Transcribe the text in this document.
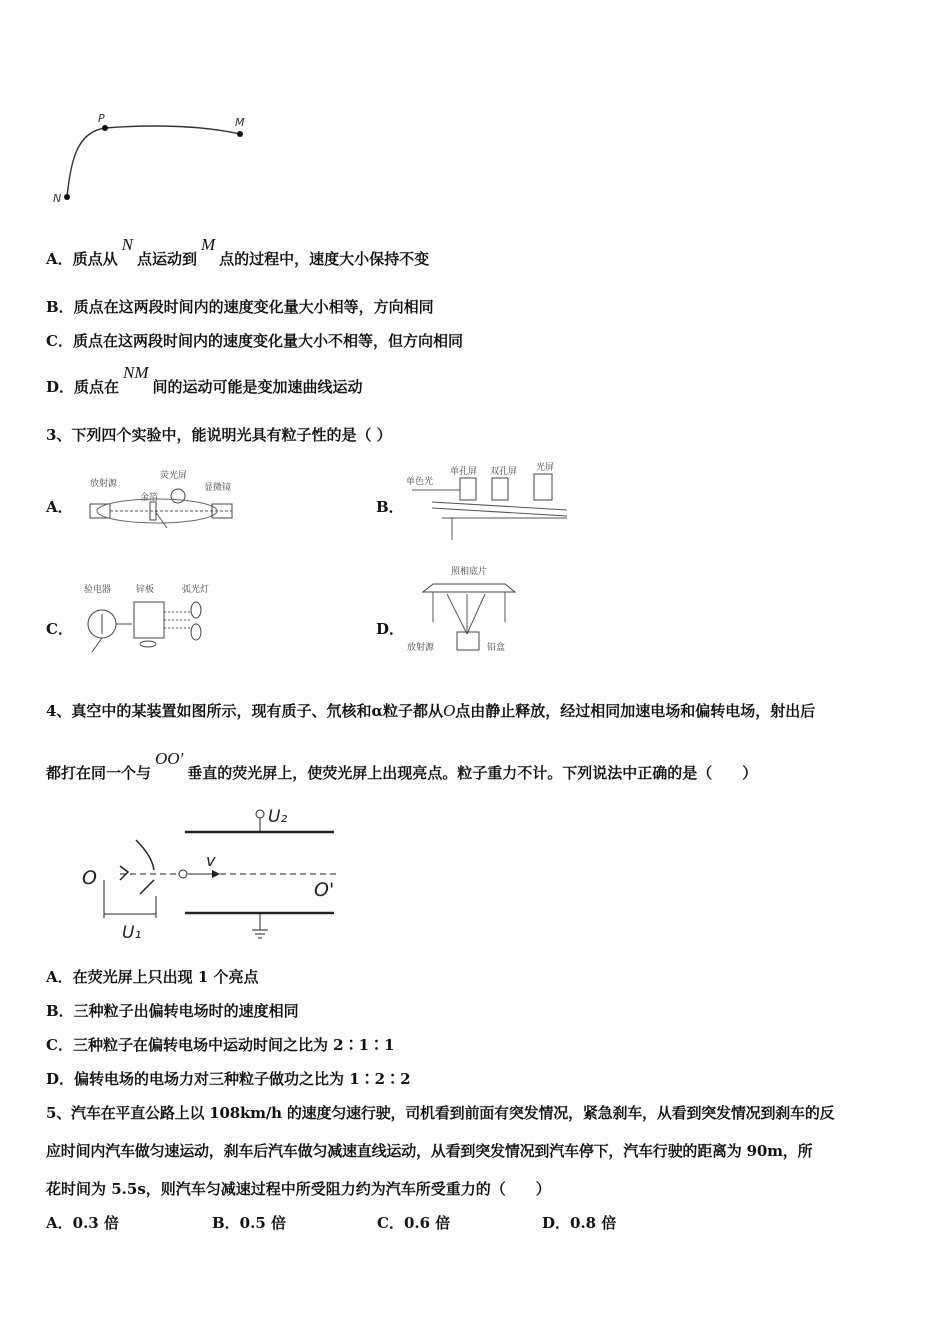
P	M
N
A．质点从N点运动到M点的过程中，速度大小保持不变
B．质点在这两段时间内的速度变化量大小相等，方向相同
C．质点在这两段时间内的速度变化量大小不相等，但方向相同
D．质点在NM间的运动可能是变加速曲线运动
3、下列四个实验中，能说明光具有粒子性的是（ ）
A．
放射源
荧光屏
金箔
显微镜
B．
单色光
单孔屏 双孔屏 光屏
C．
验电器	锌板	弧光灯
D．
照相底片
放射源	铅盒
4、真空中的某装置如图所示，现有质子、氘核和α粒子都从O点由静止释放，经过相同加速电场和偏转电场，射出后
都打在同一个与OO'垂直的荧光屏上，使荧光屏上出现亮点。粒子重力不计。下列说法中正确的是（　　）
U₂
O
v
O'
U₁
A．在荧光屏上只出现 1 个亮点
B．三种粒子出偏转电场时的速度相同
C．三种粒子在偏转电场中运动时间之比为 2∶1∶1
D．偏转电场的电场力对三种粒子做功之比为 1∶2∶2
5、汽车在平直公路上以 108km/h 的速度匀速行驶，司机看到前面有突发情况，紧急刹车，从看到突发情况到刹车的反
应时间内汽车做匀速运动，刹车后汽车做匀减速直线运动，从看到突发情况到汽车停下，汽车行驶的距离为 90m，所
花时间为 5.5s，则汽车匀减速过程中所受阻力约为汽车所受重力的（　　）
A．0.3 倍	B．0.5 倍	C．0.6 倍	D．0.8 倍
